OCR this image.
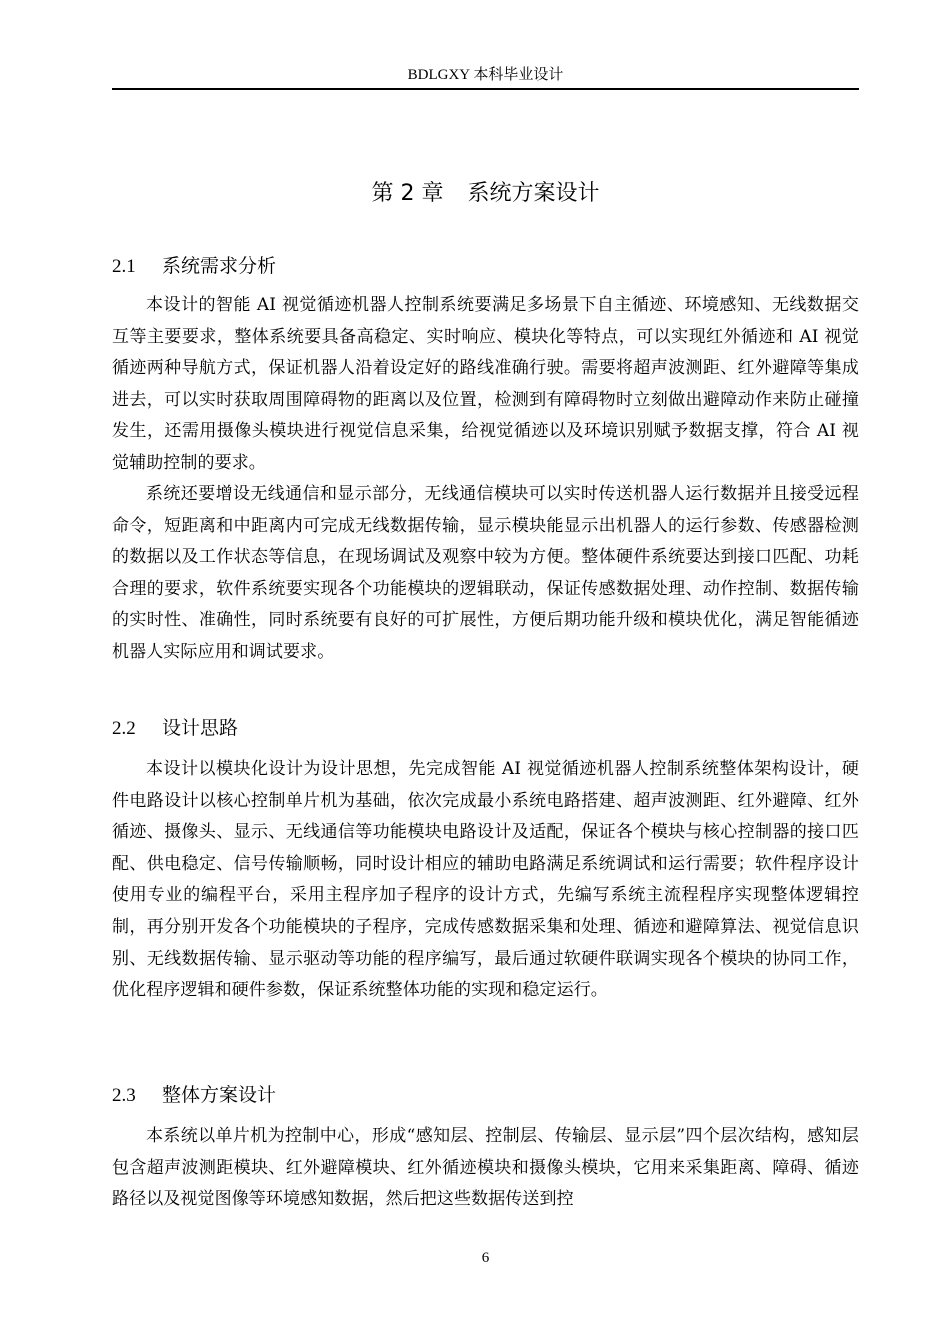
BDLGXY 本科毕业设计
第 2 章 系统方案设计
2.1 系统需求分析

本设计的智能 AI 视觉循迹机器人控制系统要满足多场景下自主循迹、环境感知、无线数据交互等主要要求，整体系统要具备高稳定、实时响应、模块化等特点，可以实现红外循迹和 AI 视觉循迹两种导航方式，保证机器人沿着设定好的路线准确行驶。需要将超声波测距、红外避障等集成进去，可以实时获取周围障碍物的距离以及位置，检测到有障碍物时立刻做出避障动作来防止碰撞发生，还需用摄像头模块进行视觉信息采集，给视觉循迹以及环境识别赋予数据支撑，符合 AI 视觉辅助控制的要求。

系统还要增设无线通信和显示部分，无线通信模块可以实时传送机器人运行数据并且接受远程命令，短距离和中距离内可完成无线数据传输，显示模块能显示出机器人的运行参数、传感器检测的数据以及工作状态等信息，在现场调试及观察中较为方便。整体硬件系统要达到接口匹配、功耗合理的要求，软件系统要实现各个功能模块的逻辑联动，保证传感数据处理、动作控制、数据传输的实时性、准确性，同时系统要有良好的可扩展性，方便后期功能升级和模块优化，满足智能循迹机器人实际应用和调试要求。

2.2 设计思路

本设计以模块化设计为设计思想，先完成智能 AI 视觉循迹机器人控制系统整体架构设计，硬件电路设计以核心控制单片机为基础，依次完成最小系统电路搭建、超声波测距、红外避障、红外循迹、摄像头、显示、无线通信等功能模块电路设计及适配，保证各个模块与核心控制器的接口匹配、供电稳定、信号传输顺畅，同时设计相应的辅助电路满足系统调试和运行需要；软件程序设计使用专业的编程平台，采用主程序加子程序的设计方式，先编写系统主流程程序实现整体逻辑控制，再分别开发各个功能模块的子程序，完成传感数据采集和处理、循迹和避障算法、视觉信息识别、无线数据传输、显示驱动等功能的程序编写，最后通过软硬件联调实现各个模块的协同工作，优化程序逻辑和硬件参数，保证系统整体功能的实现和稳定运行。

2.3 整体方案设计

本系统以单片机为控制中心，形成“感知层、控制层、传输层、显示层”四个层次结构，感知层包含超声波测距模块、红外避障模块、红外循迹模块和摄像头模块，它用来采集距离、障碍、循迹路径以及视觉图像等环境感知数据，然后把这些数据传送到控

6
